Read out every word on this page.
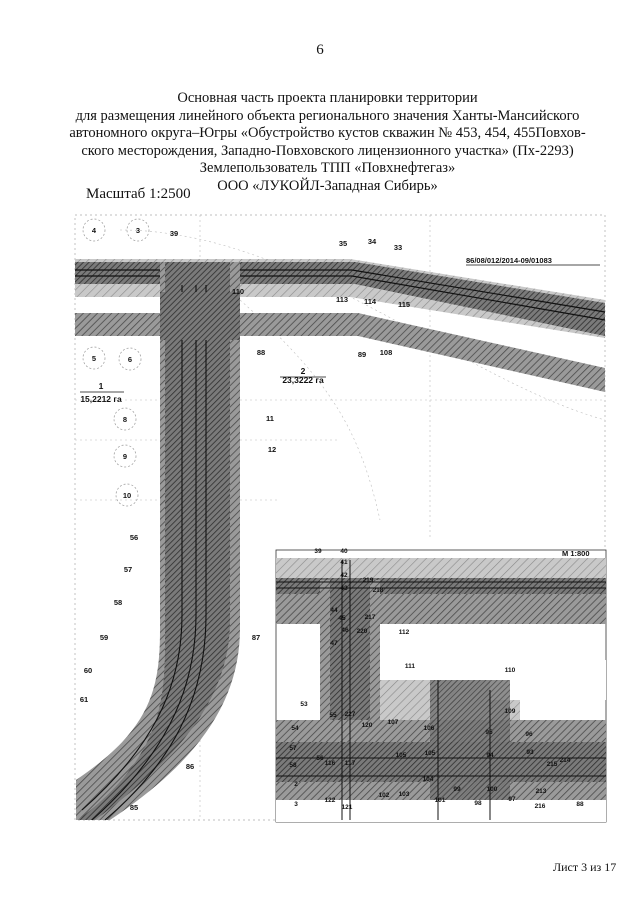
6
Основная часть проекта планировки территории
для размещения линейного объекта регионального значения Ханты-Мансийского
автономного округа–Югры «Обустройство кустов скважин № 453, 454, 455Повхов-
ского месторождения, Западно-Повховского лицензионного участка» (Пх-2293)
Землепользователь ТПП «Повхнефтегаз»
ООО «ЛУКОЙЛ-Западная Сибирь»
Масштаб 1:2500
1
15,2212 га
2
23,3222 га
86/08/012/2014-09/01083
М 1:800
4	3	39
35	34
33
110
113 114	115
5	6
88	89 108
8	11
9
12
10
56
57
58
59
60
61
87
86
85
39	40
41
42
43
219
218
217
44
45
46
47
220	112
111
110
53
55 227
120 107
106
109
54
57
58
56
2
3
95	96
94	93
105	105
104
215
214
116 117
122
121
103
102
101
99	100
97
98
213
216	88
Лист 3 из 17
